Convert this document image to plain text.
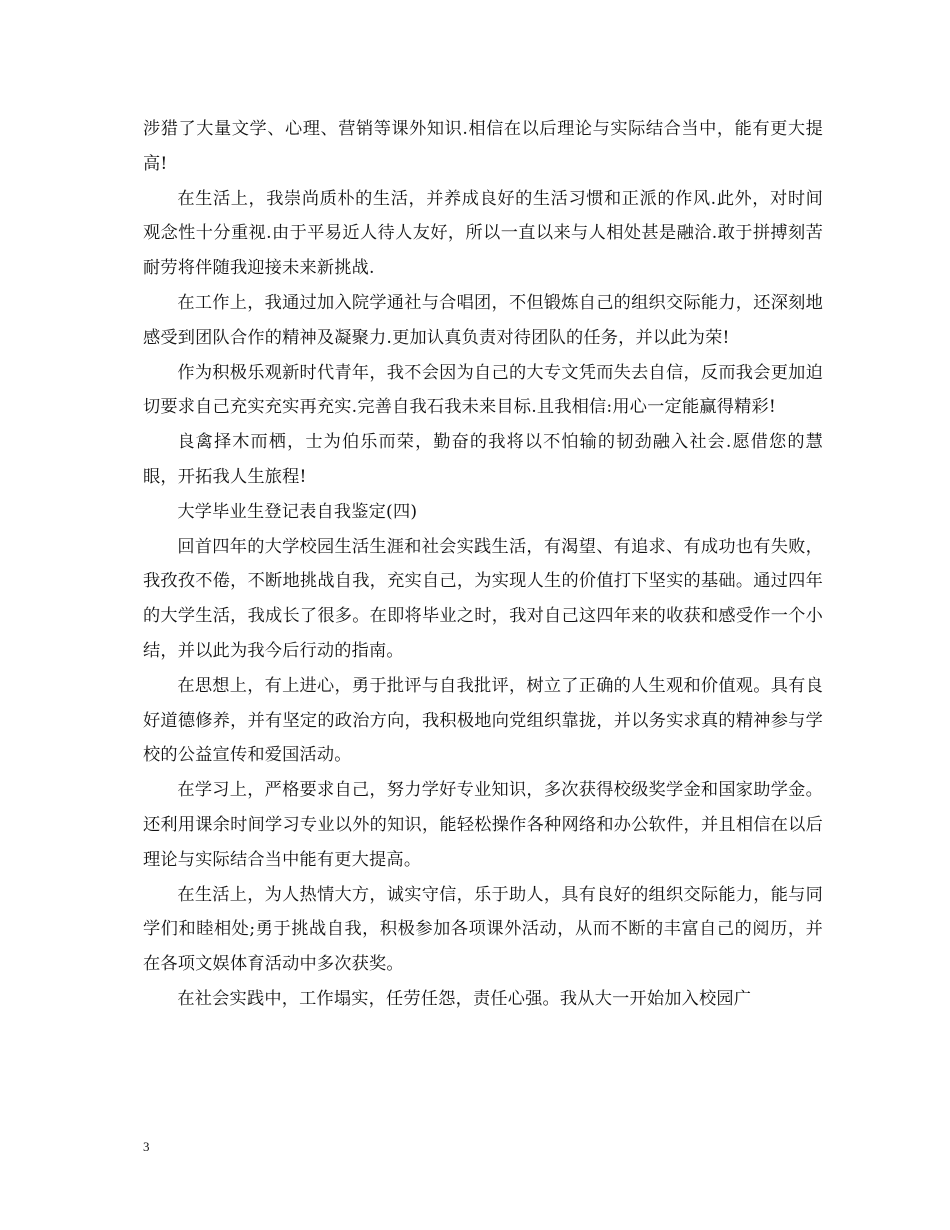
涉猎了大量文学、心理、营销等课外知识.相信在以后理论与实际结合当中，能有更大提高!

在生活上，我崇尚质朴的生活，并养成良好的生活习惯和正派的作风.此外，对时间观念性十分重视.由于平易近人待人友好，所以一直以来与人相处甚是融洽.敢于拼搏刻苦耐劳将伴随我迎接未来新挑战.

在工作上，我通过加入院学通社与合唱团，不但锻炼自己的组织交际能力，还深刻地感受到团队合作的精神及凝聚力.更加认真负责对待团队的任务，并以此为荣!

作为积极乐观新时代青年，我不会因为自己的大专文凭而失去自信，反而我会更加迫切要求自己充实充实再充实.完善自我石我未来目标.且我相信:用心一定能赢得精彩!

良禽择木而栖，士为伯乐而荣，勤奋的我将以不怕输的韧劲融入社会.愿借您的慧眼，开拓我人生旅程!

大学毕业生登记表自我鉴定(四)

回首四年的大学校园生活生涯和社会实践生活，有渴望、有追求、有成功也有失败，我孜孜不倦，不断地挑战自我，充实自己，为实现人生的价值打下坚实的基础。通过四年的大学生活，我成长了很多。在即将毕业之时，我对自己这四年来的收获和感受作一个小结，并以此为我今后行动的指南。

在思想上，有上进心，勇于批评与自我批评，树立了正确的人生观和价值观。具有良好道德修养，并有坚定的政治方向，我积极地向党组织靠拢，并以务实求真的精神参与学校的公益宣传和爱国活动。

在学习上，严格要求自己，努力学好专业知识，多次获得校级奖学金和国家助学金。还利用课余时间学习专业以外的知识，能轻松操作各种网络和办公软件，并且相信在以后理论与实际结合当中能有更大提高。

在生活上，为人热情大方，诚实守信，乐于助人，具有良好的组织交际能力，能与同学们和睦相处;勇于挑战自我，积极参加各项课外活动，从而不断的丰富自己的阅历，并在各项文娱体育活动中多次获奖。

在社会实践中，工作塌实，任劳任怨，责任心强。我从大一开始加入校园广

3
